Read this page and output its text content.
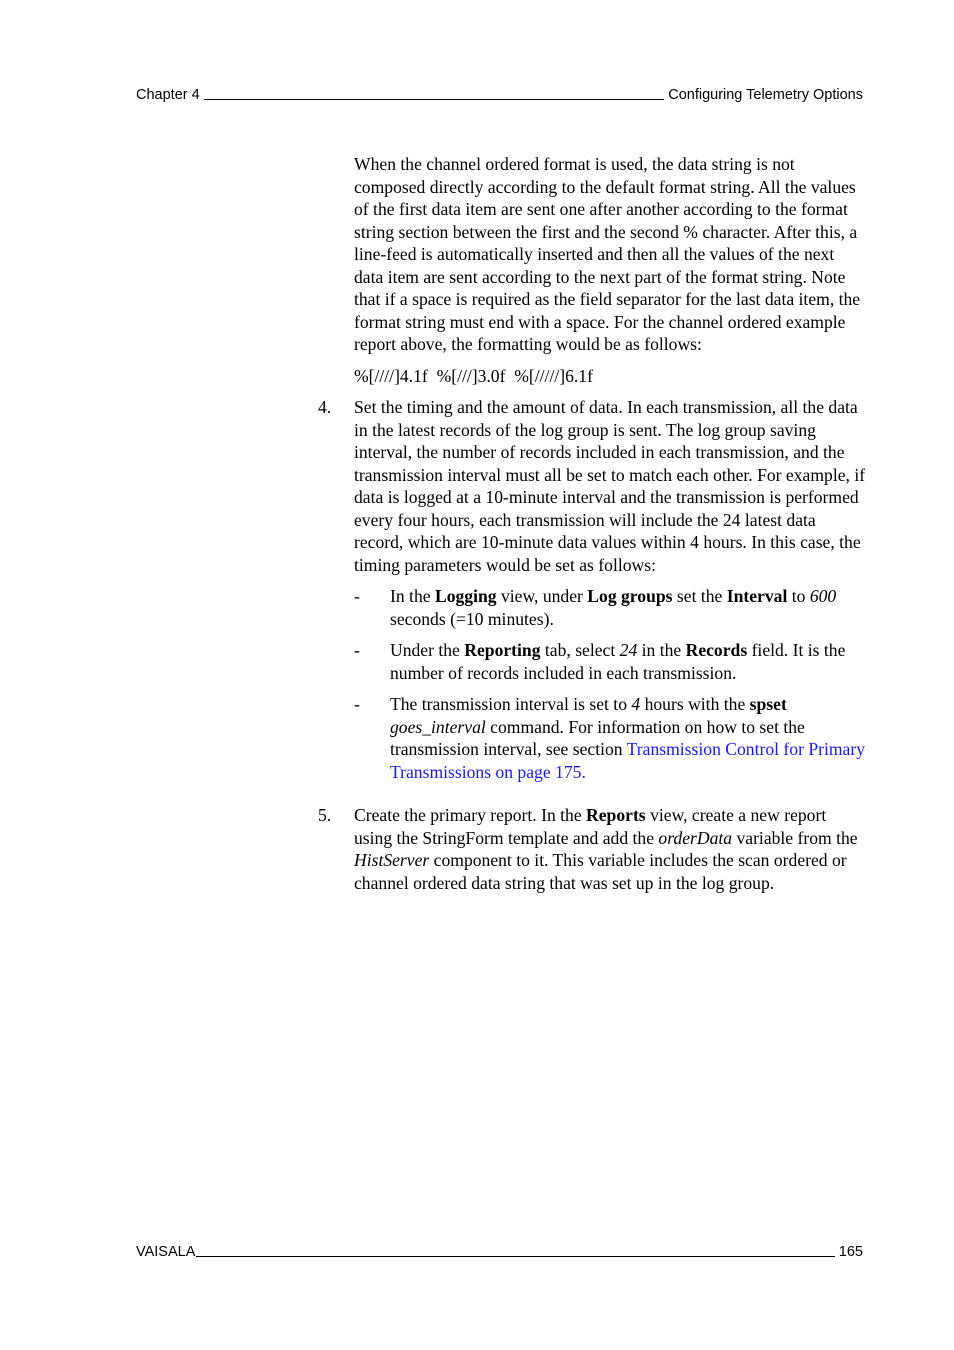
Chapter 4	Configuring Telemetry Options

When the channel ordered format is used, the data string is not composed directly according to the default format string. All the values of the first data item are sent one after another according to the format string section between the first and the second % character. After this, a line-feed is automatically inserted and then all the values of the next data item are sent according to the next part of the format string. Note that if a space is required as the field separator for the last data item, the format string must end with a space. For the channel ordered example report above, the formatting would be as follows:

%[////]4.1f  %[///]3.0f  %[/////]6.1f

4. Set the timing and the amount of data. In each transmission, all the data in the latest records of the log group is sent. The log group saving interval, the number of records included in each transmission, and the transmission interval must all be set to match each other. For example, if data is logged at a 10-minute interval and the transmission is performed every four hours, each transmission will include the 24 latest data record, which are 10-minute data values within 4 hours. In this case, the timing parameters would be set as follows:

- In the Logging view, under Log groups set the Interval to 600 seconds (=10 minutes).

- Under the Reporting tab, select 24 in the Records field. It is the number of records included in each transmission.

- The transmission interval is set to 4 hours with the spset goes_interval command. For information on how to set the transmission interval, see section Transmission Control for Primary Transmissions on page 175.

5. Create the primary report. In the Reports view, create a new report using the StringForm template and add the orderData variable from the HistServer component to it. This variable includes the scan ordered or channel ordered data string that was set up in the log group.

VAISALA	165
